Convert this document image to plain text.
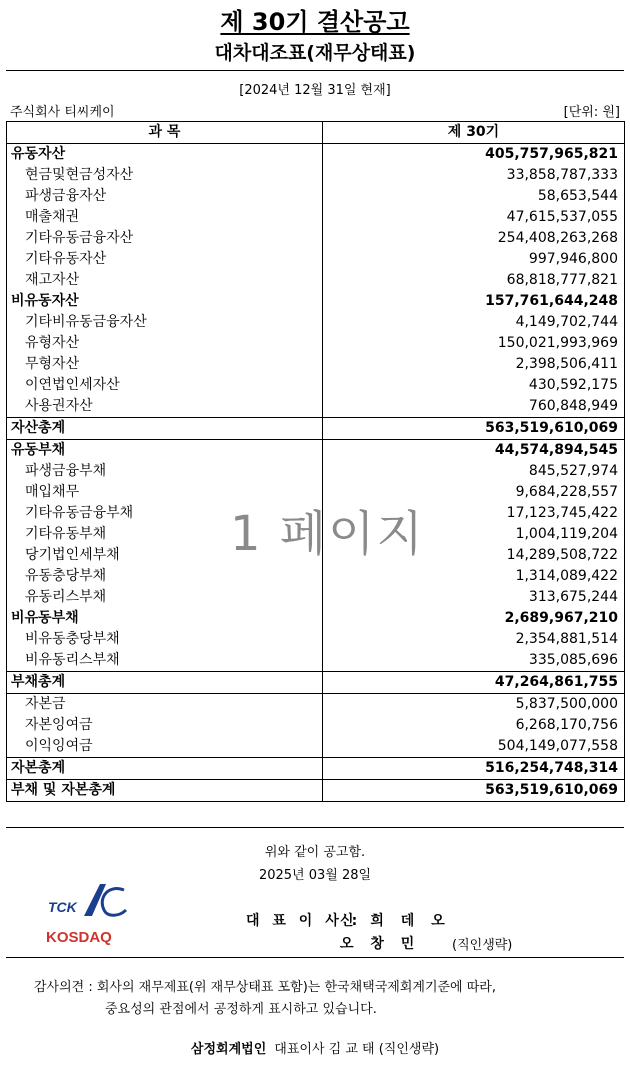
제 30기 결산공고
대차대조표(재무상태표)
[2024년 12월 31일 현재]
주식회사 티씨케이	[단위: 원]
과 목	제 30기
유동자산	405,757,965,821
현금및현금성자산	33,858,787,333
파생금융자산	58,653,544
매출채권	47,615,537,055
기타유동금융자산	254,408,263,268
기타유동자산	997,946,800
재고자산	68,818,777,821
비유동자산	157,761,644,248
기타비유동금융자산	4,149,702,744
유형자산	150,021,993,969
무형자산	2,398,506,411
이연법인세자산	430,592,175
사용권자산	760,848,949
자산총계	563,519,610,069
유동부채	44,574,894,545
파생금융부채	845,527,974
매입채무	9,684,228,557
기타유동금융부채	17,123,745,422
기타유동부채	1,004,119,204
당기법인세부채	14,289,508,722
유동충당부채	1,314,089,422
유동리스부채	313,675,244
비유동부채	2,689,967,210
비유동충당부채	2,354,881,514
비유동리스부채	335,085,696
부채총계	47,264,861,755
자본금	5,837,500,000
자본잉여금	6,268,170,756
이익잉여금	504,149,077,558
자본총계	516,254,748,314
부채 및 자본총계	563,519,610,069
1 페이지
위와 같이 공고함.
2025년 03월 28일
TCK
KOSDAQ
대 표 이 사 :
신 희 데 오
오 창 민 (직인생략)
감사의견 : 회사의 재무제표(위 재무상태표 포함)는 한국채택국제회계기준에 따라,
중요성의 관점에서 공정하게 표시하고 있습니다.
삼정회계법인 대표이사 김 교 태 (직인생략)
